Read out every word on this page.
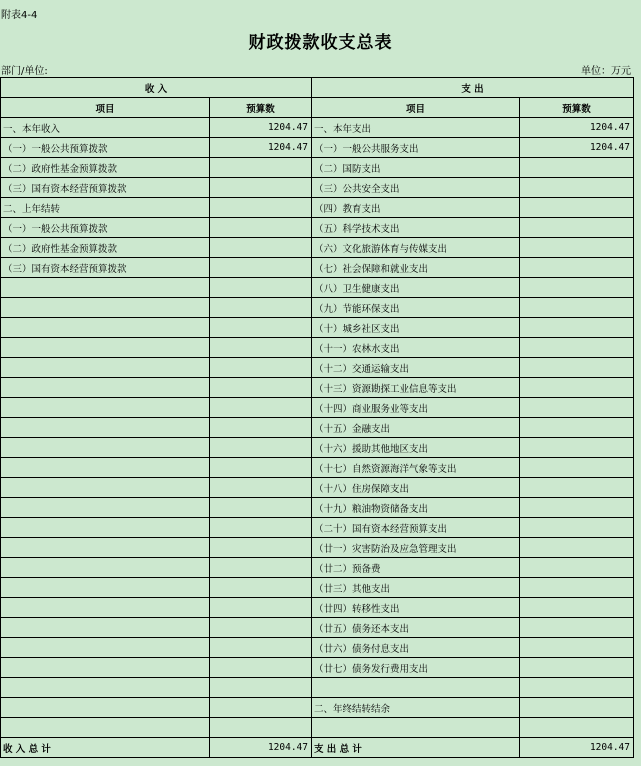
附表4-4
财政拨款收支总表
部门/单位:	单位：万元
收 入		支 出	
项目	预算数	项目	预算数
一、本年收入	1204.47	一、本年支出	1204.47
（一）一般公共预算拨款	1204.47	（一）一般公共服务支出	1204.47
（二）政府性基金预算拨款		（二）国防支出	
（三）国有资本经营预算拨款		（三）公共安全支出	
二、上年结转		（四）教育支出	
（一）一般公共预算拨款		（五）科学技术支出	
（二）政府性基金预算拨款		（六）文化旅游体育与传媒支出	
（三）国有资本经营预算拨款		（七）社会保障和就业支出	
		（八）卫生健康支出	
		（九）节能环保支出	
		（十）城乡社区支出	
		（十一）农林水支出	
		（十二）交通运输支出	
		（十三）资源勘探工业信息等支出	
		（十四）商业服务业等支出	
		（十五）金融支出	
		（十六）援助其他地区支出	
		（十七）自然资源海洋气象等支出	
		（十八）住房保障支出	
		（十九）粮油物资储备支出	
		（二十）国有资本经营预算支出	
		（廿一）灾害防治及应急管理支出	
		（廿二）预备费	
		（廿三）其他支出	
		（廿四）转移性支出	
		（廿五）债务还本支出	
		（廿六）债务付息支出	
		（廿七）债务发行费用支出	

		二、年终结转结余	

收 入 总 计	1204.47	支 出 总 计	1204.47
